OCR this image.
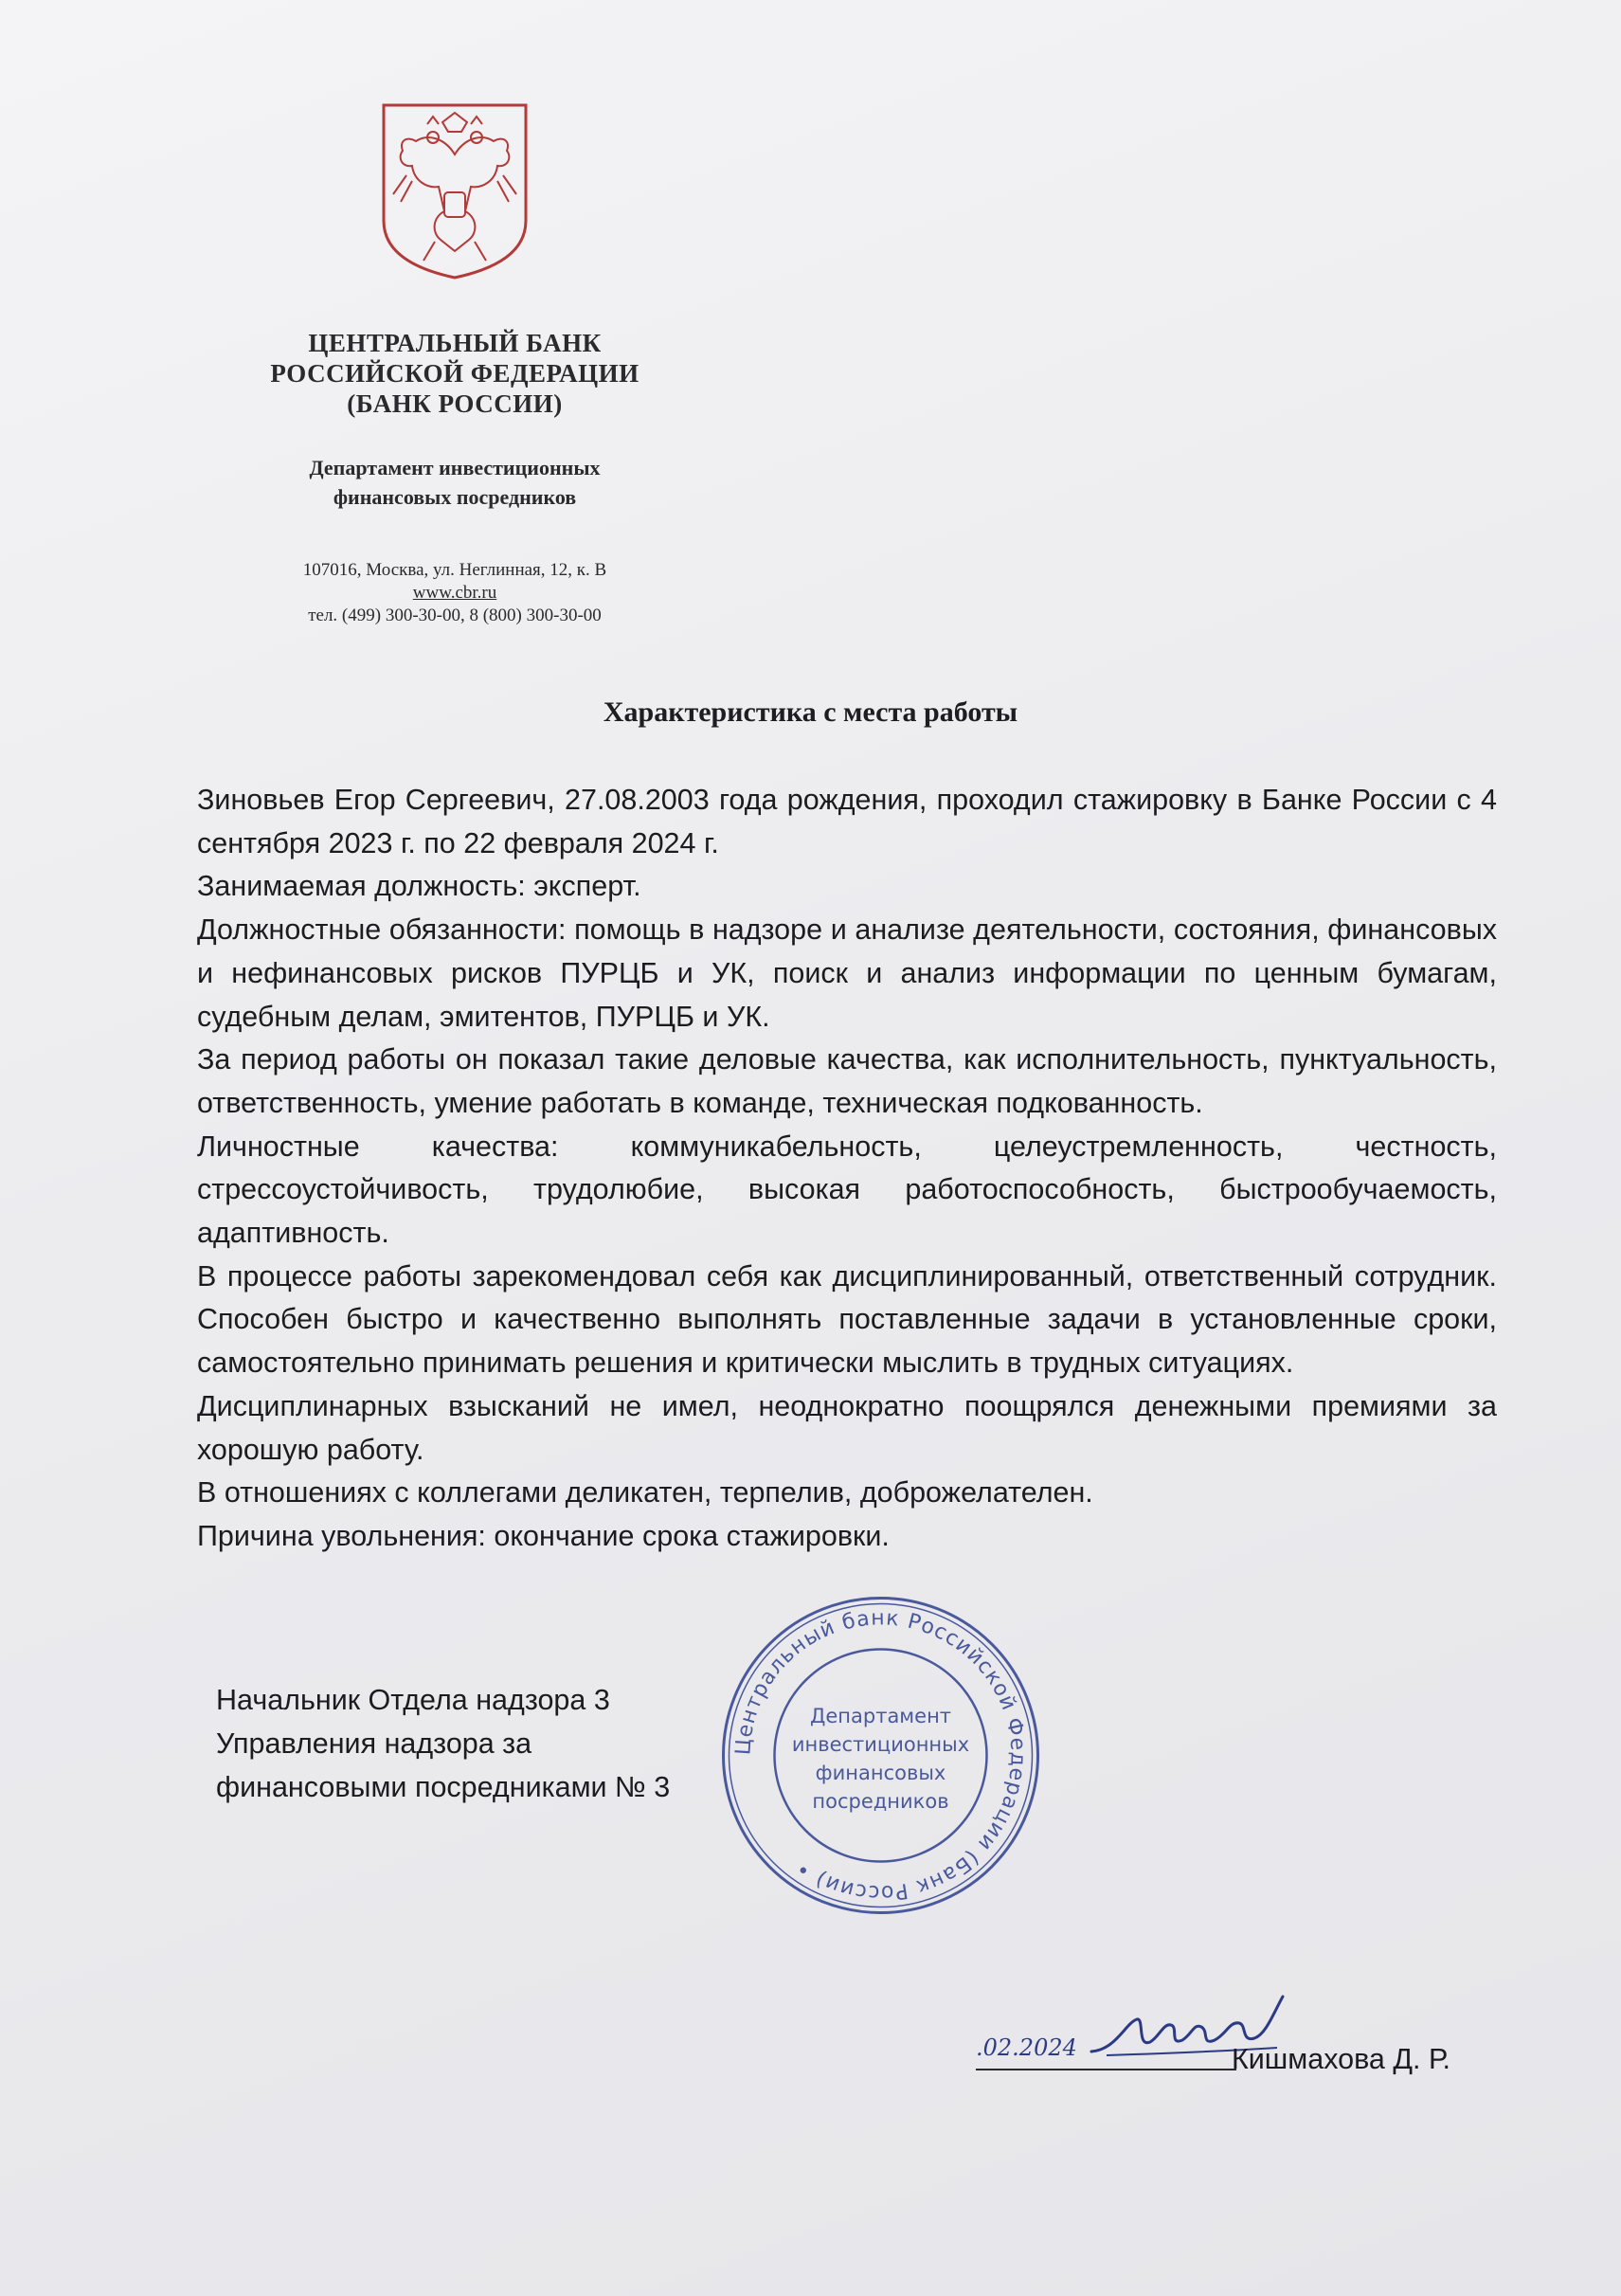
ЦЕНТРАЛЬНЫЙ БАНК
РОССИЙСКОЙ ФЕДЕРАЦИИ
(БАНК РОССИИ)
Департамент инвестиционных
финансовых посредников
107016, Москва, ул. Неглинная, 12, к. В
www.cbr.ru
тел. (499) 300-30-00, 8 (800) 300-30-00
Характеристика с места работы

Зиновьев Егор Сергеевич, 27.08.2003 года рождения, проходил стажировку в Банке России с 4 сентября 2023 г. по 22 февраля 2024 г.

Занимаемая должность: эксперт.

Должностные обязанности: помощь в надзоре и анализе деятельности, состояния, финансовых и нефинансовых рисков ПУРЦБ и УК, поиск и анализ информации по ценным бумагам, судебным делам, эмитентов, ПУРЦБ и УК.

За период работы он показал такие деловые качества, как исполнительность, пунктуальность, ответственность, умение работать в команде, техническая подкованность.

Личностные качества: коммуникабельность, целеустремленность, честность, стрессоустойчивость, трудолюбие, высокая работоспособность, быстрообучаемость, адаптивность.

В процессе работы зарекомендовал себя как дисциплинированный, ответственный сотрудник. Способен быстро и качественно выполнять поставленные задачи в установленные сроки, самостоятельно принимать решения и критически мыслить в трудных ситуациях.

Дисциплинарных взысканий не имел, неоднократно поощрялся денежными премиями за хорошую работу.

В отношениях с коллегами деликатен, терпелив, доброжелателен.

Причина увольнения: окончание срока стажировки.

Начальник Отдела надзора 3
Управления надзора за
финансовыми посредниками № 3
Центральный банк Российской Федерации (Банк России) •
Департамент
инвестиционных
финансовых
посредников
.02.2024	Кишмахова Д. Р.
